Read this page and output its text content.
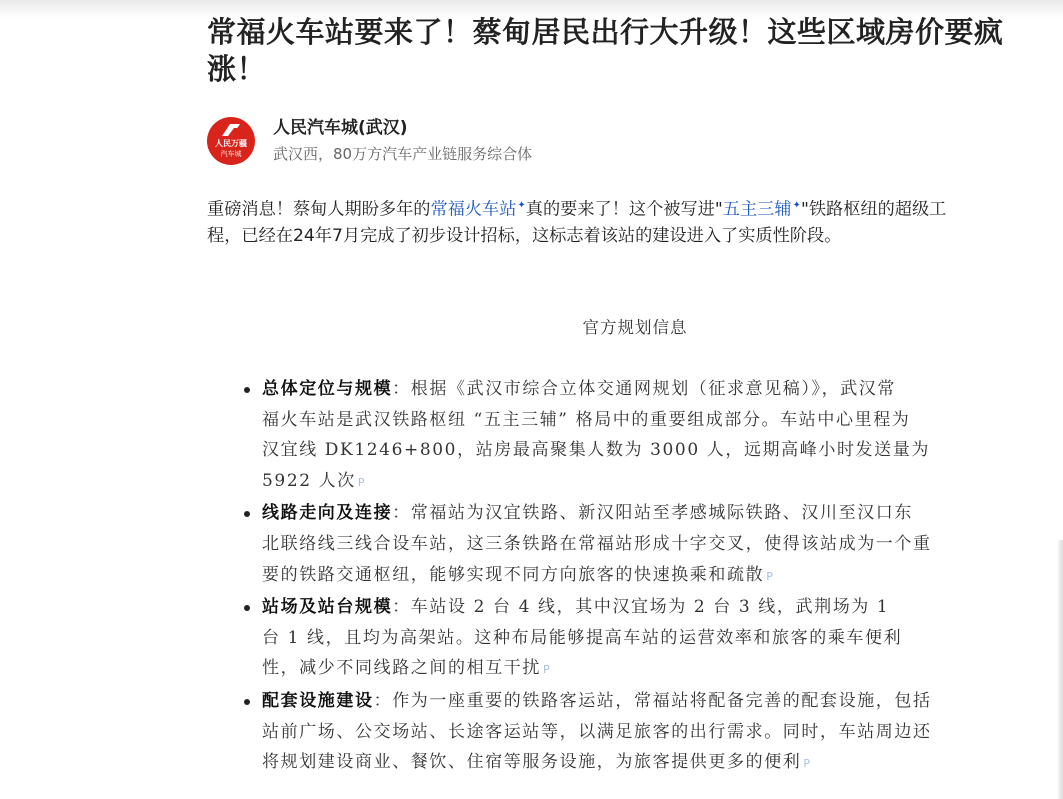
常福火车站要来了！蔡甸居民出行大升级！这些区域房价要疯
涨！
人民万疆
汽车城
人民汽车城(武汉)
武汉西，80万方汽车产业链服务综合体
重磅消息！蔡甸人期盼多年的常福火车站✦真的要来了！这个被写进"五主三辅✦"铁路枢纽的超级工
程，已经在24年7月完成了初步设计招标，这标志着该站的建设进入了实质性阶段。
官方规划信息
总体定位与规模：根据《武汉市综合立体交通网规划（征求意见稿）》，武汉常
福火车站是武汉铁路枢纽 “五主三辅” 格局中的重要组成部分。车站中心里程为
汉宜线 DK1246+800，站房最高聚集人数为 3000 人，远期高峰小时发送量为
5922 人次 P
线路走向及连接：常福站为汉宜铁路、新汉阳站至孝感城际铁路、汉川至汉口东
北联络线三线合设车站，这三条铁路在常福站形成十字交叉，使得该站成为一个重
要的铁路交通枢纽，能够实现不同方向旅客的快速换乘和疏散 P
站场及站台规模：车站设 2 台 4 线，其中汉宜场为 2 台 3 线，武荆场为 1
台 1 线，且均为高架站。这种布局能够提高车站的运营效率和旅客的乘车便利
性，减少不同线路之间的相互干扰 P
配套设施建设：作为一座重要的铁路客运站，常福站将配备完善的配套设施，包括
站前广场、公交场站、长途客运站等，以满足旅客的出行需求。同时，车站周边还
将规划建设商业、餐饮、住宿等服务设施，为旅客提供更多的便利 P
